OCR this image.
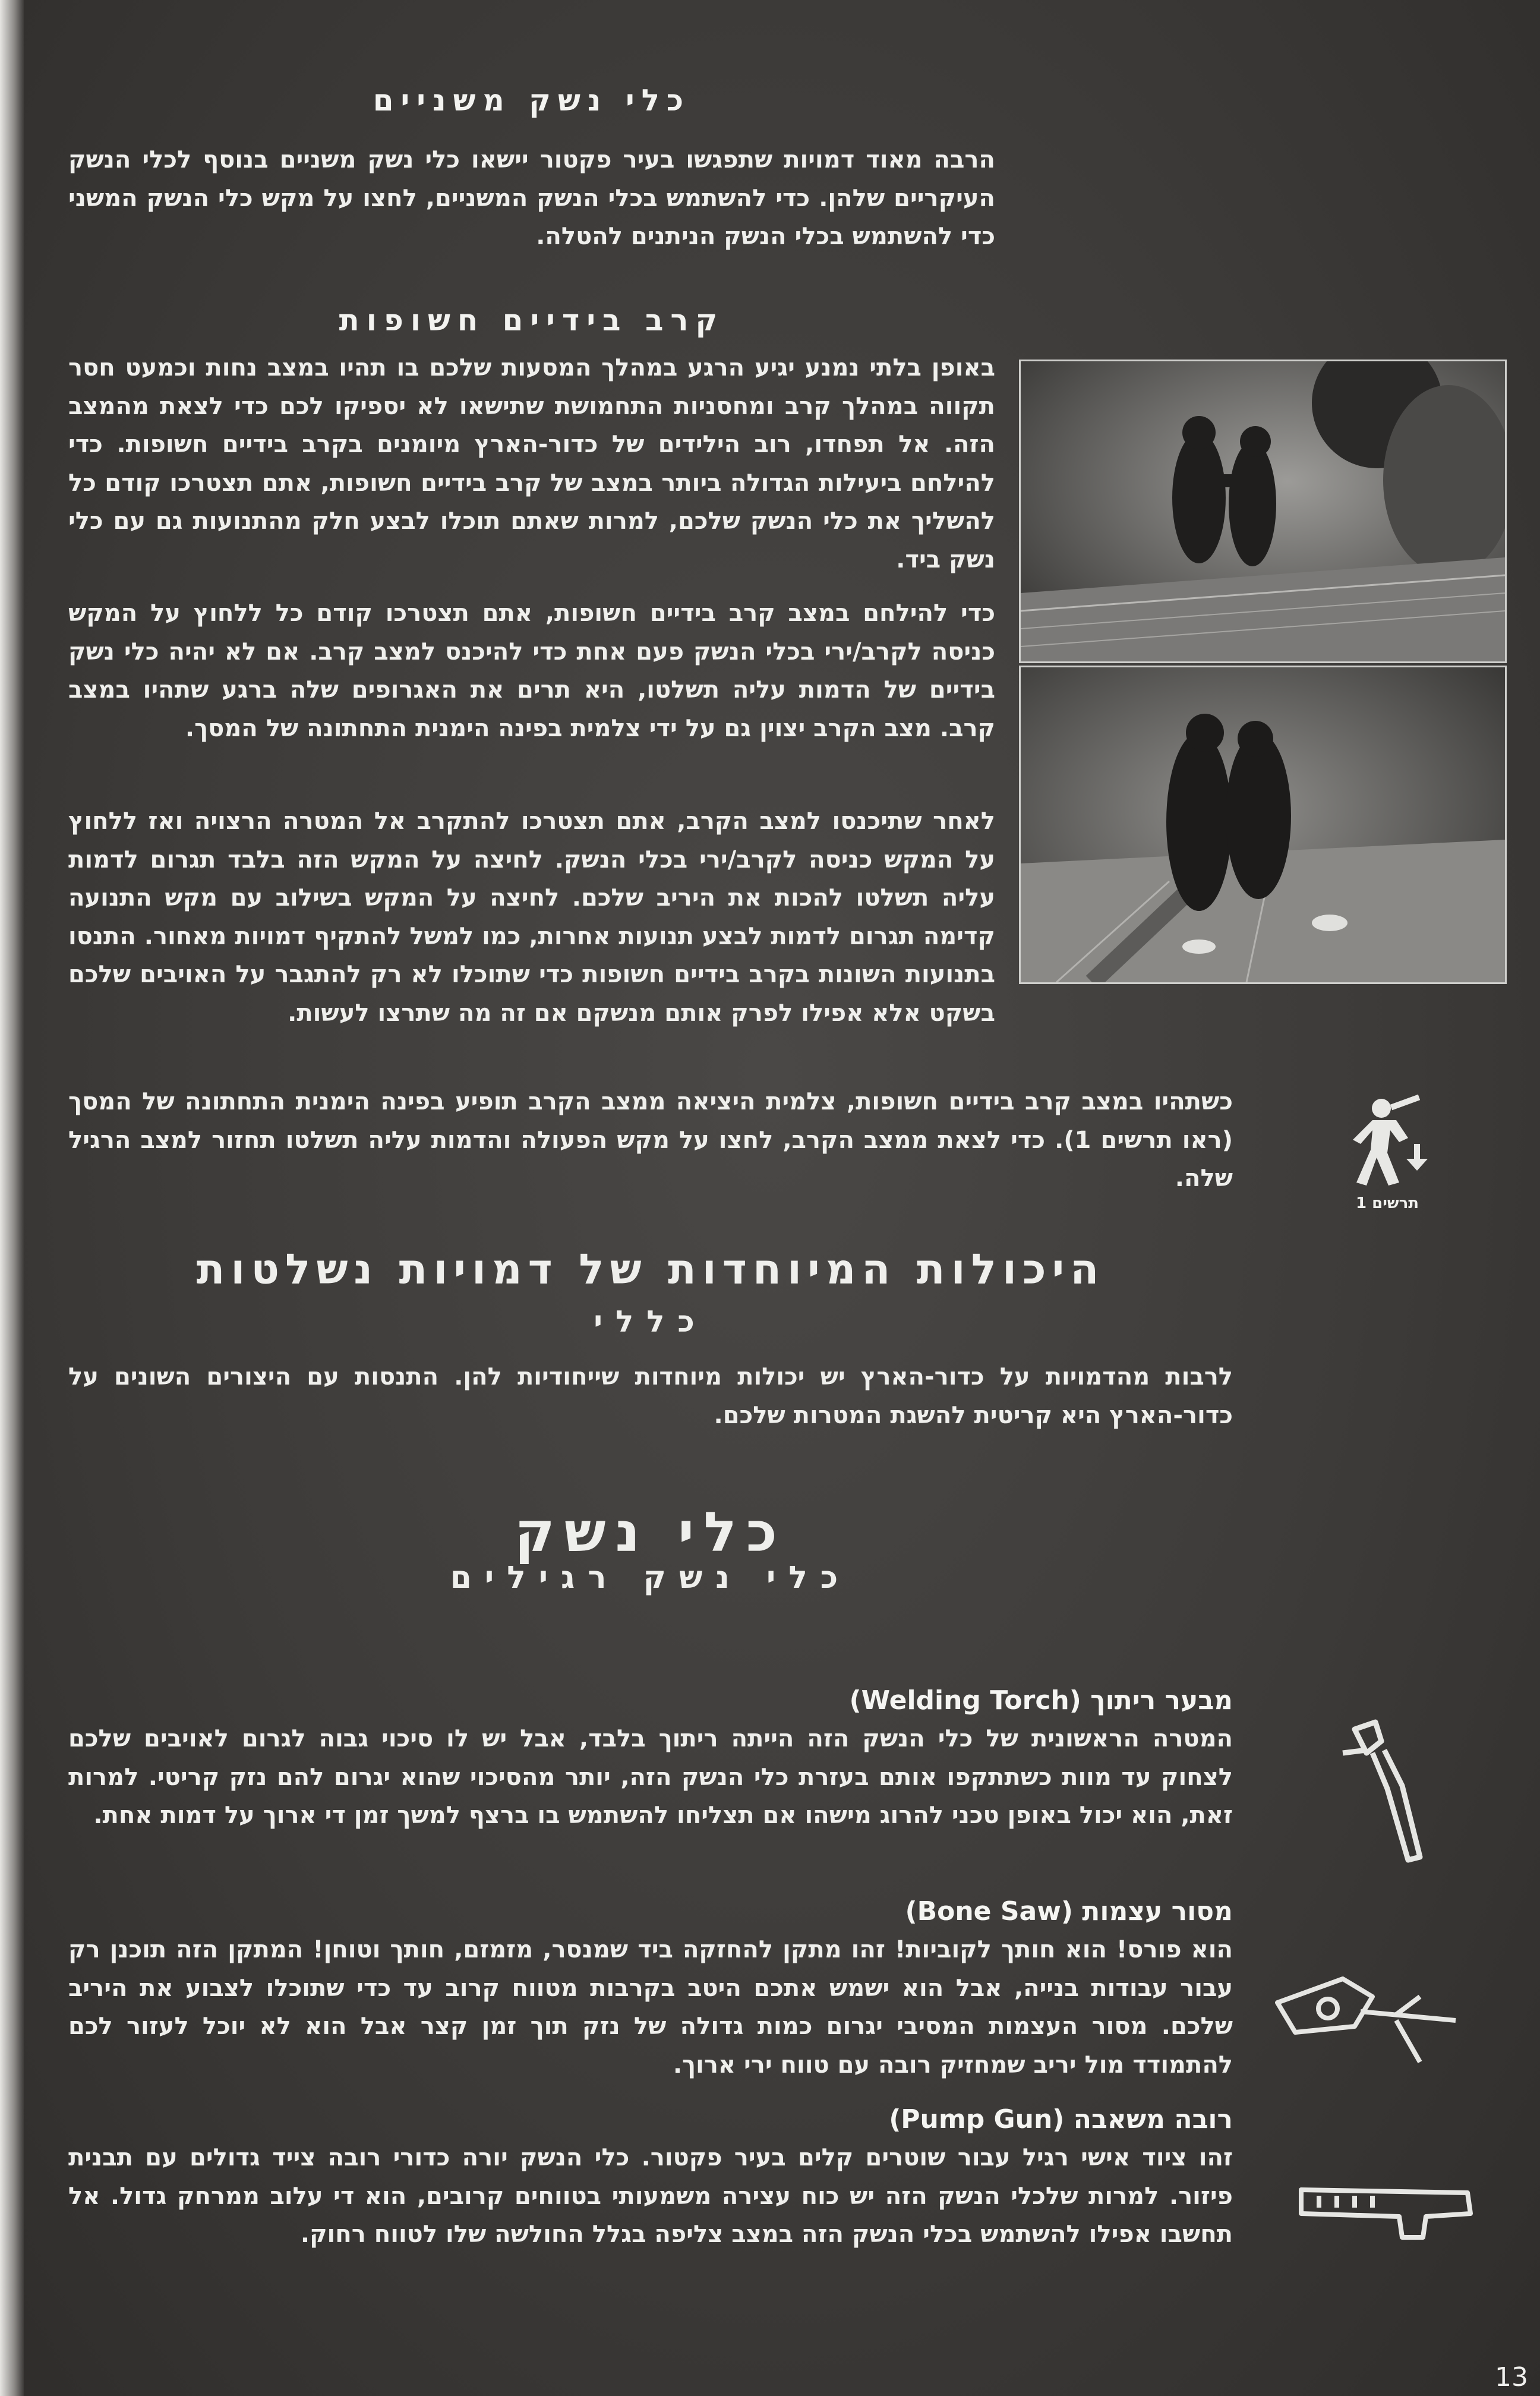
כלי נשק משניים

הרבה מאוד דמויות שתפגשו בעיר פקטור יישאו כלי נשק משניים בנוסף לכלי הנשק העיקריים שלהן. כדי להשתמש בכלי הנשק המשניים, לחצו על מקש כלי הנשק המשני כדי להשתמש בכלי הנשק הניתנים להטלה.

קרב בידיים חשופות

באופן בלתי נמנע יגיע הרגע במהלך המסעות שלכם בו תהיו במצב נחות וכמעט חסר תקווה במהלך קרב ומחסניות התחמושת שתישאו לא יספיקו לכם כדי לצאת מהמצב הזה. אל תפחדו, רוב הילידים של כדור-הארץ מיומנים בקרב בידיים חשופות. כדי להילחם ביעילות הגדולה ביותר במצב של קרב בידיים חשופות, אתם תצטרכו קודם כל להשליך את כלי הנשק שלכם, למרות שאתם תוכלו לבצע חלק מהתנועות גם עם כלי נשק ביד.

כדי להילחם במצב קרב בידיים חשופות, אתם תצטרכו קודם כל ללחוץ על המקש כניסה לקרב/ירי בכלי הנשק פעם אחת כדי להיכנס למצב קרב. אם לא יהיה כלי נשק בידיים של הדמות עליה תשלטו, היא תרים את האגרופים שלה ברגע שתהיו במצב קרב. מצב הקרב יצוין גם על ידי צלמית בפינה הימנית התחתונה של המסך.

לאחר שתיכנסו למצב הקרב, אתם תצטרכו להתקרב אל המטרה הרצויה ואז ללחוץ על המקש כניסה לקרב/ירי בכלי הנשק. לחיצה על המקש הזה בלבד תגרום לדמות עליה תשלטו להכות את היריב שלכם. לחיצה על המקש בשילוב עם מקש התנועה קדימה תגרום לדמות לבצע תנועות אחרות, כמו למשל להתקיף דמויות מאחור. התנסו בתנועות השונות בקרב בידיים חשופות כדי שתוכלו לא רק להתגבר על האויבים שלכם בשקט אלא אפילו לפרק אותם מנשקם אם זה מה שתרצו לעשות.

כשתהיו במצב קרב בידיים חשופות, צלמית היציאה ממצב הקרב תופיע בפינה הימנית התחתונה של המסך (ראו תרשים 1). כדי לצאת ממצב הקרב, לחצו על מקש הפעולה והדמות עליה תשלטו תחזור למצב הרגיל שלה.

תרשים 1
היכולות המיוחדות של דמויות נשלטות
כללי

לרבות מהדמויות על כדור-הארץ יש יכולות מיוחדות שייחודיות להן. התנסות עם היצורים השונים על כדור-הארץ היא קריטית להשגת המטרות שלכם.

כלי נשק
כלי נשק רגילים

מבער ריתוך (Welding Torch)

המטרה הראשונית של כלי הנשק הזה הייתה ריתוך בלבד, אבל יש לו סיכוי גבוה לגרום לאויבים שלכם לצחוק עד מוות כשתתקפו אותם בעזרת כלי הנשק הזה, יותר מהסיכוי שהוא יגרום להם נזק קריטי. למרות זאת, הוא יכול באופן טכני להרוג מישהו אם תצליחו להשתמש בו ברצף למשך זמן די ארוך על דמות אחת.

מסור עצמות (Bone Saw)

הוא פורס! הוא חותך לקוביות! זהו מתקן להחזקה ביד שמנסר, מזמזם, חותך וטוחן! המתקן הזה תוכנן רק עבור עבודות בנייה, אבל הוא ישמש אתכם היטב בקרבות מטווח קרוב עד כדי שתוכלו לצבוע את היריב שלכם. מסור העצמות המסיבי יגרום כמות גדולה של נזק תוך זמן קצר אבל הוא לא יוכל לעזור לכם להתמודד מול יריב שמחזיק רובה עם טווח ירי ארוך.

רובה משאבה (Pump Gun)

זהו ציוד אישי רגיל עבור שוטרים קלים בעיר פקטור. כלי הנשק יורה כדורי רובה צייד גדולים עם תבנית פיזור. למרות שלכלי הנשק הזה יש כוח עצירה משמעותי בטווחים קרובים, הוא די עלוב ממרחק גדול. אל תחשבו אפילו להשתמש בכלי הנשק הזה במצב צליפה בגלל החולשה שלו לטווח רחוק.

13
